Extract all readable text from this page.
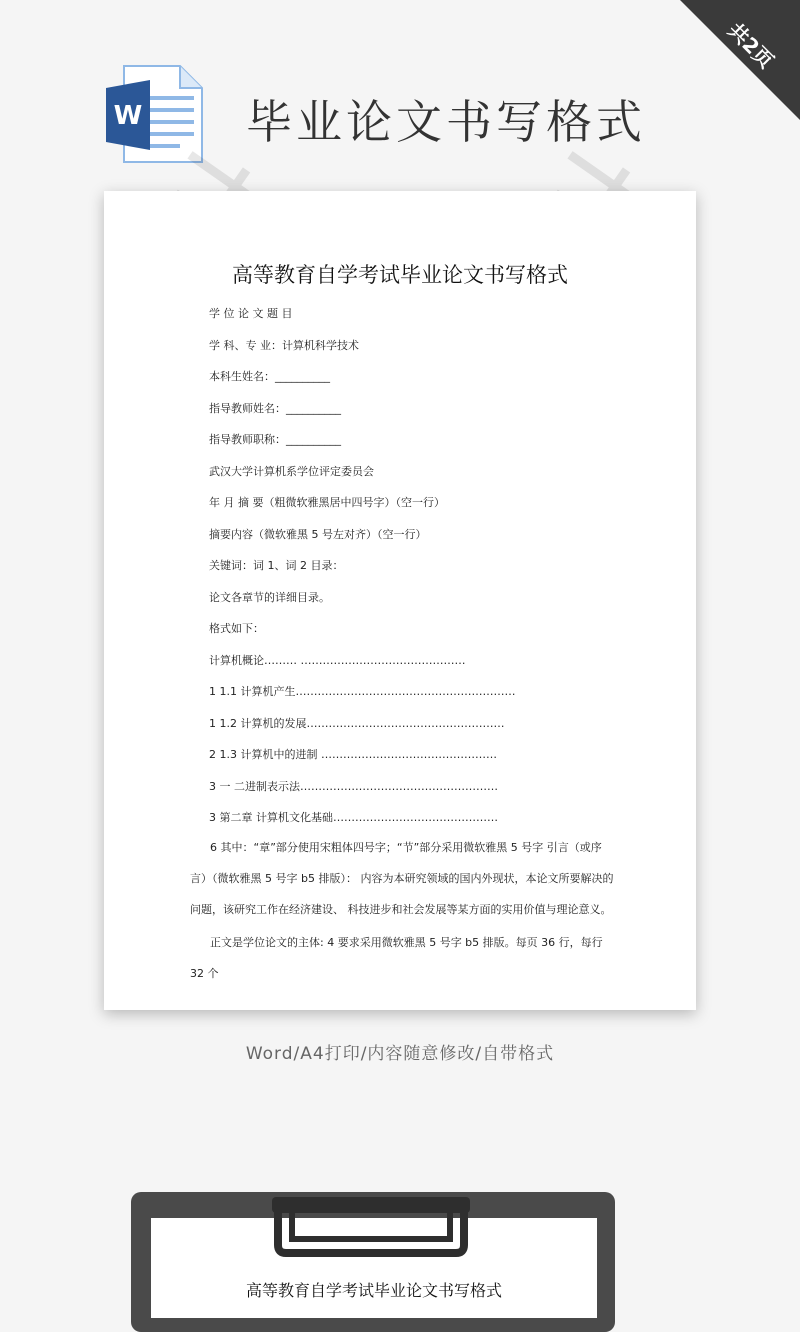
共2页
W 毕业论文书写格式
高等教育自学考试毕业论文书写格式
学 位 论 文 题 目
学 科、专 业：计算机科学技术
本科生姓名：__________
指导教师姓名：__________
指导教师职称：__________
武汉大学计算机系学位评定委员会
年 月 摘 要（粗微软雅黑居中四号字）（空一行）
摘要内容（微软雅黑 5 号左对齐）（空一行）
关键词：词 1、词 2 目录：
论文各章节的详细目录。
格式如下：
计算机概论……… ………………………………………
1 1.1 计算机产生……………………………………………………
1 1.2 计算机的发展………………………………………………
2 1.3 计算机中的进制 …………………………………………
3 一 二进制表示法………………………………………………
3 第二章 计算机文化基础………………………………………
6 其中：“章”部分使用宋粗体四号字；“节”部分采用微软雅黑 5 号字 引言（或序言）（微软雅黑 5 号字 b5 排版）： 内容为本研究领域的国内外现状，本论文所要解决的问题，该研究工作在经济建设、 科技进步和社会发展等某方面的实用价值与理论意义。
正文是学位论文的主体: 4 要求采用微软雅黑 5 号字 b5 排版。每页 36 行，每行 32 个
Word/A4打印/内容随意修改/自带格式
高等教育自学考试毕业论文书写格式
